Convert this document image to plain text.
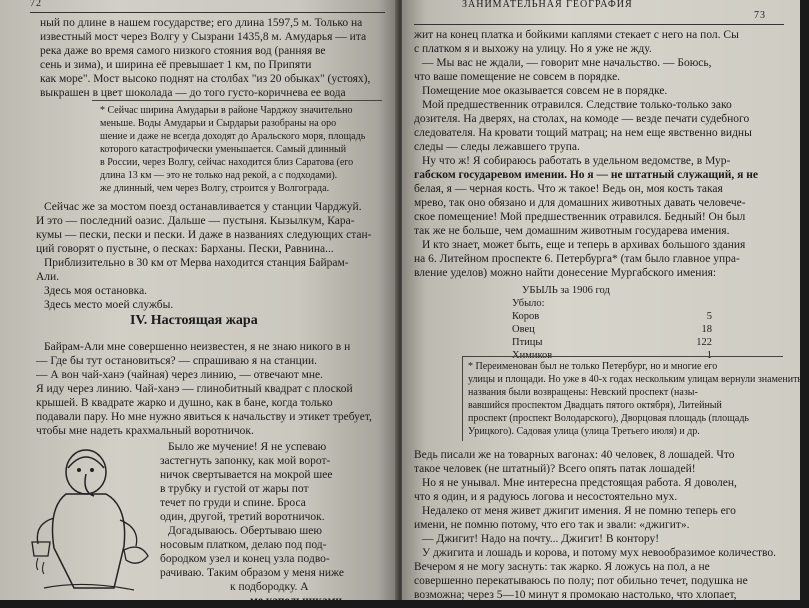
72
ный по длине в нашем государстве; его длина 1597,5 м. Только на
известный мост через Волгу у Сызрани 1435,8 м. Амударья — ита
река даже во время самого низкого стояния вод (ранняя ве
сень и зима), и ширина её превышает 1 км, по Припяти
как море". Мост высоко поднят на столбах "из 20 обыках" (устоях),
выкрашен в цвет шоколада — до того густо-коричнева ее вода
* Сейчас ширина Амударьи в районе Чарджоу значительно
меньше. Воды Амударьи и Сырдарьи разобраны на оро
шение и даже не всегда доходят до Аральского моря, площадь
которого катастрофически уменьшается. Самый длинный
в России, через Волгу, сейчас находится близ Саратова (его
длина 13 км — это не только над рекой, а с подходами).
же длинный, чем через Волгу, строится у Волгограда.
Сейчас же за мостом поезд останавливается у станции Чарджуй.
И это — последний оазис. Дальше — пустыня. Кызылкум, Кара-
кумы — пески, пески и пески. И даже в названиях следующих стан-
ций говорят о пустыне, о песках: Барханы. Пески, Равнина...
Приблизительно в 30 км от Мерва находится станция Байрам-
Али.
Здесь моя остановка.
Здесь место моей службы.
IV. Настоящая жара
Байрам-Али мне совершенно неизвестен, я не знаю никого в н
— Где бы тут остановиться? — спрашиваю я на станции.
— А вон чай-ханэ (чайная) через линию, — отвечают мне.
Я иду через линию. Чай-ханэ — глинобитный квадрат с плоской
крышей. В квадрате жарко и душно, как в бане, когда только
подавали пару. Но мне нужно явиться к начальству и этикет требует,
чтобы мне надеть крахмальный воротничок.
Было же мучение! Я не успеваю
застегнуть запонку, как мой ворот-
ничок свертывается на мокрой шее
в трубку и густой от жары пот
течет по груди и спине. Броса
один, другой, третий воротничок.
Догадываюсь. Обертываю шею
носовым платком, делаю под под-
бородком узел и конец узла подво-
рачиваю. Таким образом у меня ниже
к подбородку. А
ме капельниками
ЗАНИМАТЕЛЬНАЯ ГЕОГРАФИЯ
73
жит на конец платка и бойкими каплями стекает с него на пол. Сы
с платком я и выхожу на улицу. Но я уже не жду.
— Мы вас не ждали, — говорит мне начальство. — Боюсь,
что ваше помещение не совсем в порядке.
Помещение мое оказывается совсем не в порядке.
Мой предшественник отравился. Следствие только-только зако
дозителя. На дверях, на столах, на комоде — везде печати судебного
следователя. На кровати тощий матрац; на нем еще явственно видны
следы — следы лежавшего трупа.
Ну что ж! Я собираюсь работать в удельном ведомстве, в Мур-
габском государевом имении. Но я — не штатный служащий, я не
белая, я — черная кость. Что ж такое! Ведь он, моя кость такая
мрево, так оно обязано и для домашних животных давать человече-
ское помещение! Мой предшественник отравился. Бедный! Он был
так же не больше, чем домашним животным государева имения.
И кто знает, может быть, еще и теперь в архивах большого здания
на 6. Литейном проспекте 6. Петербурга* (там было главное упра-
вление уделов) можно найти донесение Мургабского имения:
УБЫЛЬ за 1906 год
Убыло:
Коров	5
Овец	18
Птицы	122
Химиков	1
* Переименован был не только Петербург, но и многие его
улицы и площади. Но уже в 40-х годах нескольким улицам вернули знаменитые
названия были возвращены: Невский проспект (назы-
вавшийся проспектом Двадцать пятого октября), Литейный
проспект (проспект Володарского), Дворцовая площадь (площадь
Урицкого). Садовая улица (улица Третьего июля) и др.
Ведь писали же на товарных вагонах: 40 человек, 8 лошадей. Что
такое человек (не штатный)? Всего опять патак лошадей!
Но я не унывал. Мне интересна предстоящая работа. Я доволен,
что я один, и я радуюсь логова и несостоятельно мух.
Недалеко от меня живет джигит имения. Я не помню теперь его
имени, не помню потому, что его так и звали: «джигит».
— Джигит! Надо на почту... Джигит! В контору!
У джигита и лошадь и корова, и потому мух невообразимое количество.
Вечером я не могу заснуть: так жарко. Я ложусь на пол, а не
совершенно перекатываюсь по полу; пот обильно течет, подушка не
возможна; через 5—10 минут я промокаю настолько, что хлопает,
